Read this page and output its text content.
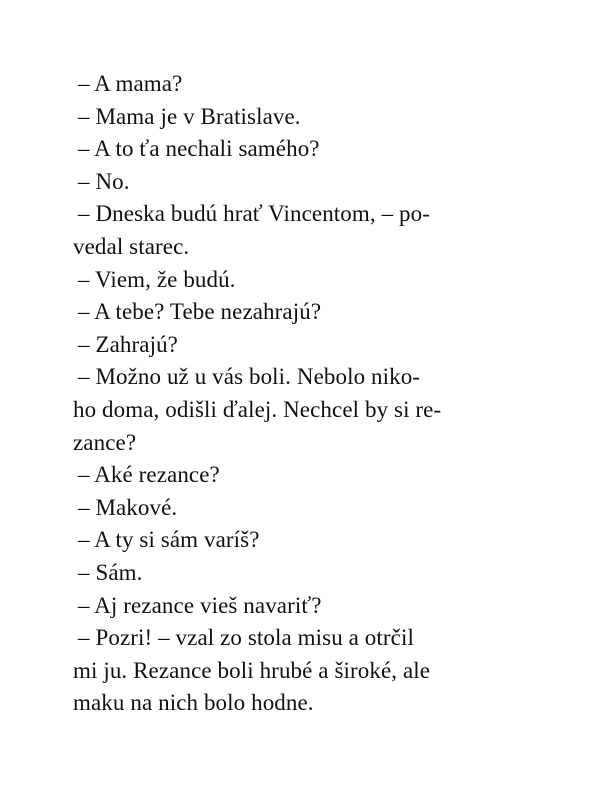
– A mama?
– Mama je v Bratislave.
– A to ťa nechali samého?
– No.
– Dneska budú hrať Vincentom, – po-
vedal starec.
– Viem, že budú.
– A tebe? Tebe nezahrajú?
– Zahrajú?
– Možno už u vás boli. Nebolo niko-
ho doma, odišli ďalej. Nechcel by si re-
zance?
– Aké rezance?
– Makové.
– A ty si sám varíš?
– Sám.
– Aj rezance vieš navariť?
– Pozri! – vzal zo stola misu a otrčil
mi ju. Rezance boli hrubé a široké, ale
maku na nich bolo hodne.
